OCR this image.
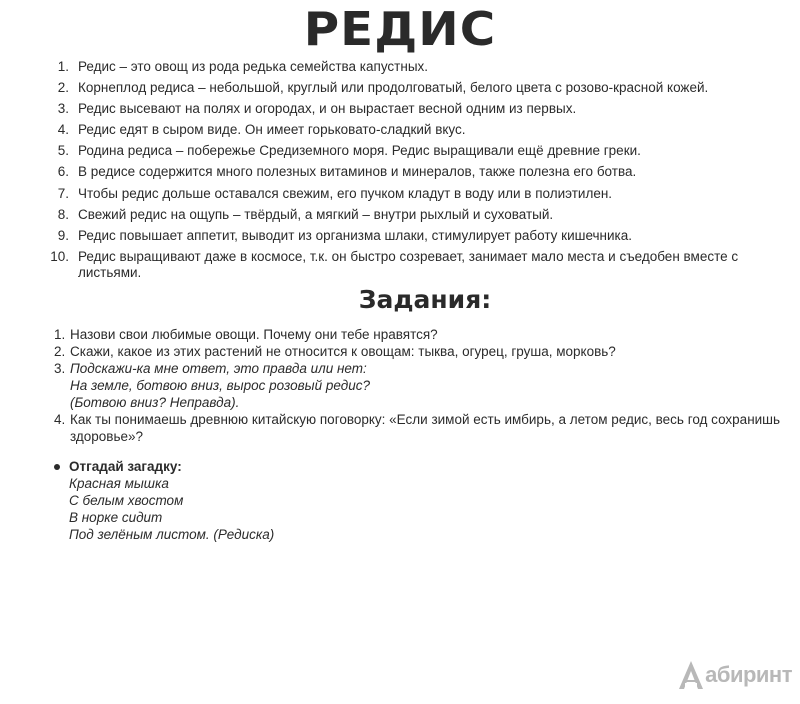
РЕДИС
1. Редис – это овощ из рода редька семейства капустных.
2. Корнеплод редиса – небольшой, круглый или продолговатый, белого цвета с розово-красной кожей.
3. Редис высевают на полях и огородах, и он вырастает весной одним из первых.
4. Редис едят в сыром виде. Он имеет горьковато-сладкий вкус.
5. Родина редиса – побережье Средиземного моря. Редис выращивали ещё древние греки.
6. В редисе содержится много полезных витаминов и минералов, также полезна его ботва.
7. Чтобы редис дольше оставался свежим, его пучком кладут в воду или в полиэтилен.
8. Свежий редис на ощупь – твёрдый, а мягкий – внутри рыхлый и суховатый.
9. Редис повышает аппетит, выводит из организма шлаки, стимулирует работу кишечника.
10. Редис выращивают даже в космосе, т.к. он быстро созревает, занимает мало места и съедобен вместе с листьями.
Задания:
1. Назови свои любимые овощи. Почему они тебе нравятся?
2. Скажи, какое из этих растений не относится к овощам: тыква, огурец, груша, морковь?
3. Подскажи-ка мне ответ, это правда или нет:
На земле, ботвою вниз, вырос розовый редис?
(Ботвою вниз? Неправда).
4. Как ты понимаешь древнюю китайскую поговорку: «Если зимой есть имбирь, а летом редис, весь год сохранишь здоровье»?
Отгадай загадку:
Красная мышка
С белым хвостом
В норке сидит
Под зелёным листом. (Редиска)
абиринт
